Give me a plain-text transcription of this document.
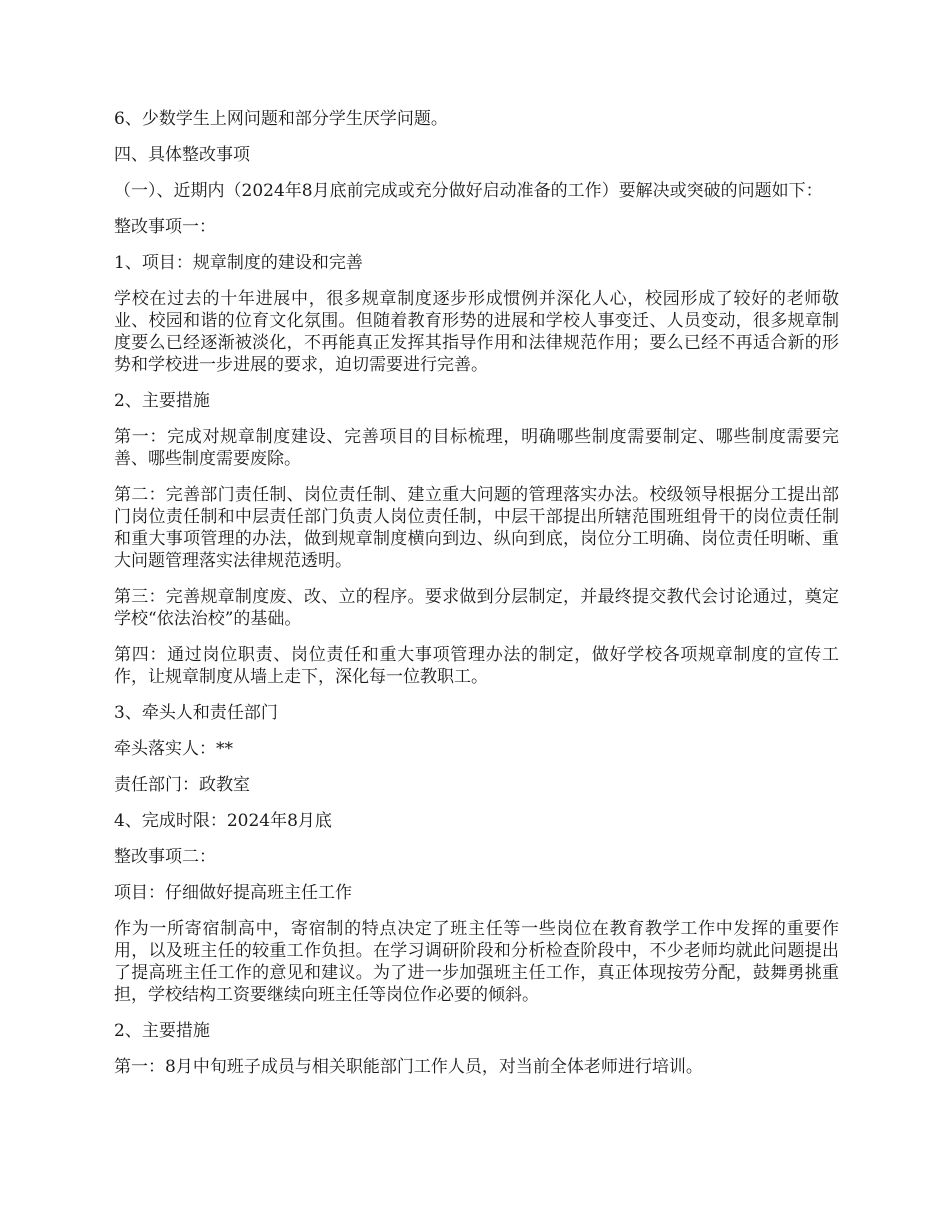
6、少数学生上网问题和部分学生厌学问题。

四、具体整改事项

（一）、近期内（2024年8月底前完成或充分做好启动准备的工作）要解决或突破的问题如下：

整改事项一：

1、项目：规章制度的建设和完善

学校在过去的十年进展中，很多规章制度逐步形成惯例并深化人心，校园形成了较好的老师敬业、校园和谐的位育文化氛围。但随着教育形势的进展和学校人事变迁、人员变动，很多规章制度要么已经逐渐被淡化，不再能真正发挥其指导作用和法律规范作用；要么已经不再适合新的形势和学校进一步进展的要求，迫切需要进行完善。

2、主要措施

第一：完成对规章制度建设、完善项目的目标梳理，明确哪些制度需要制定、哪些制度需要完善、哪些制度需要废除。

第二：完善部门责任制、岗位责任制、建立重大问题的管理落实办法。校级领导根据分工提出部门岗位责任制和中层责任部门负责人岗位责任制，中层干部提出所辖范围班组骨干的岗位责任制和重大事项管理的办法，做到规章制度横向到边、纵向到底，岗位分工明确、岗位责任明晰、重大问题管理落实法律规范透明。

第三：完善规章制度废、改、立的程序。要求做到分层制定，并最终提交教代会讨论通过，奠定学校“依法治校”的基础。

第四：通过岗位职责、岗位责任和重大事项管理办法的制定，做好学校各项规章制度的宣传工作，让规章制度从墙上走下，深化每一位教职工。

3、牵头人和责任部门

牵头落实人：**

责任部门：政教室

4、完成时限：2024年8月底

整改事项二：

项目：仔细做好提高班主任工作

作为一所寄宿制高中，寄宿制的特点决定了班主任等一些岗位在教育教学工作中发挥的重要作用，以及班主任的较重工作负担。在学习调研阶段和分析检查阶段中，不少老师均就此问题提出了提高班主任工作的意见和建议。为了进一步加强班主任工作，真正体现按劳分配，鼓舞勇挑重担，学校结构工资要继续向班主任等岗位作必要的倾斜。

2、主要措施

第一：8月中旬班子成员与相关职能部门工作人员，对当前全体老师进行培训。
